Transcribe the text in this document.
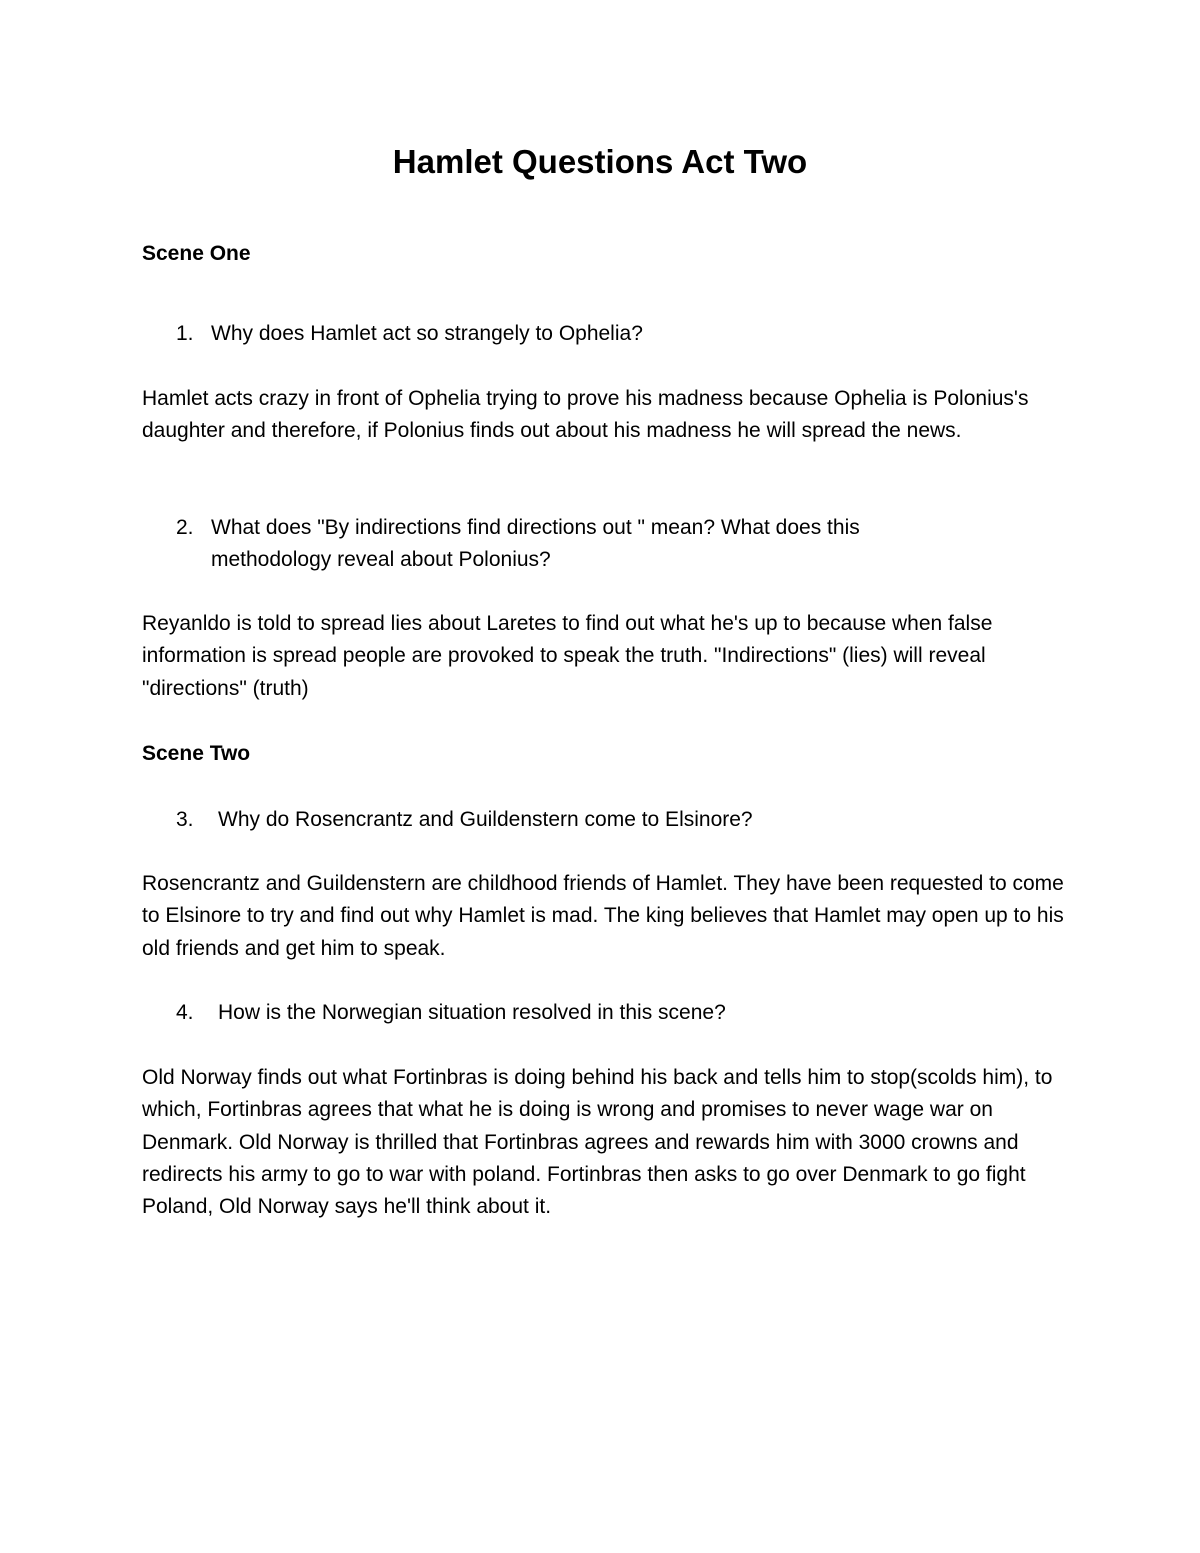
Hamlet Questions Act Two
Scene One
1. Why does Hamlet act so strangely to Ophelia?

Hamlet acts crazy in front of Ophelia trying to prove his madness because Ophelia is Polonius's daughter and therefore, if Polonius finds out about his madness he will spread the news.

2. What does "By indirections find directions out " mean? What does this methodology reveal about Polonius?

Reyanldo is told to spread lies about Laretes to find out what he's up to because when false information is spread people are provoked to speak the truth. "Indirections" (lies) will reveal "directions" (truth)

Scene Two
3. Why do Rosencrantz and Guildenstern come to Elsinore?

Rosencrantz and Guildenstern are childhood friends of Hamlet. They have been requested to come to Elsinore to try and find out why Hamlet is mad. The king believes that Hamlet may open up to his old friends and get him to speak.

4. How is the Norwegian situation resolved in this scene?

Old Norway finds out what Fortinbras is doing behind his back and tells him to stop(scolds him), to which, Fortinbras agrees that what he is doing is wrong and promises to never wage war on Denmark. Old Norway is thrilled that Fortinbras agrees and rewards him with 3000 crowns and redirects his army to go to war with poland. Fortinbras then asks to go over Denmark to go fight Poland, Old Norway says he'll think about it.
